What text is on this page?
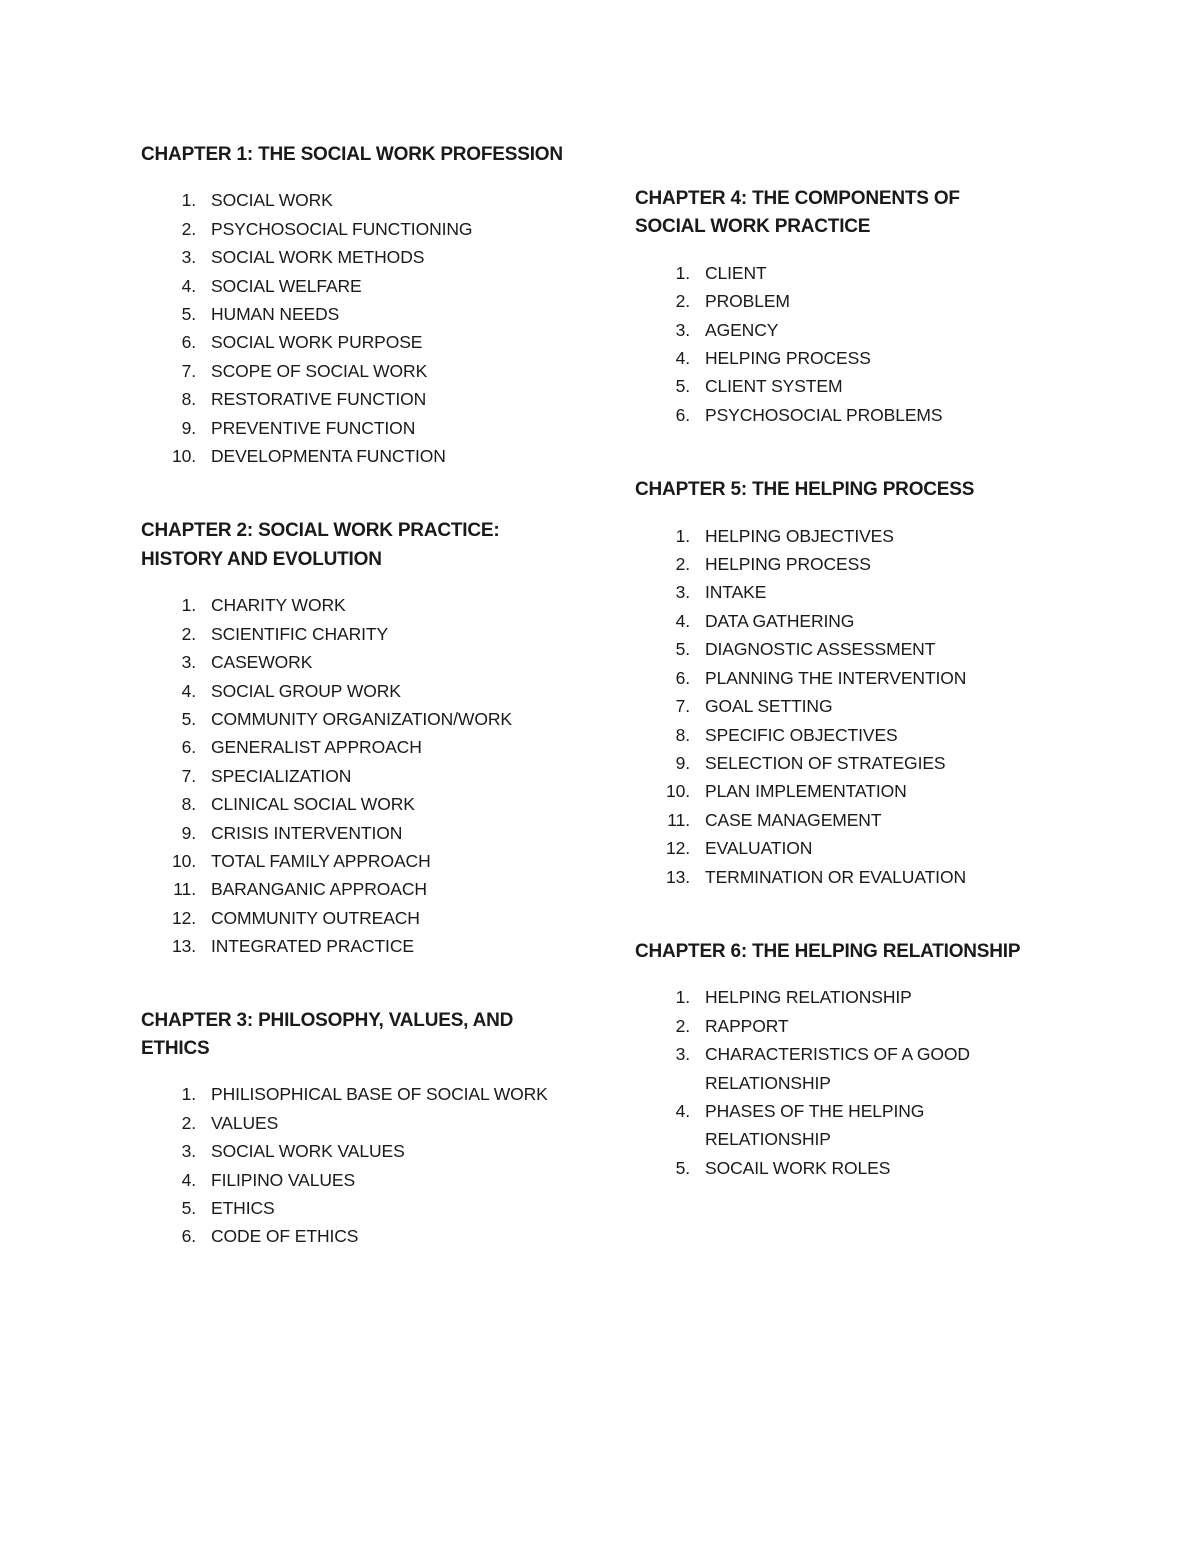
CHAPTER 1: THE SOCIAL WORK PROFESSION
1. SOCIAL WORK
2. PSYCHOSOCIAL FUNCTIONING
3. SOCIAL WORK METHODS
4. SOCIAL WELFARE
5. HUMAN NEEDS
6. SOCIAL WORK PURPOSE
7. SCOPE OF SOCIAL WORK
8. RESTORATIVE FUNCTION
9. PREVENTIVE FUNCTION
10. DEVELOPMENTA FUNCTION
CHAPTER 2: SOCIAL WORK PRACTICE: HISTORY AND EVOLUTION
1. CHARITY WORK
2. SCIENTIFIC CHARITY
3. CASEWORK
4. SOCIAL GROUP WORK
5. COMMUNITY ORGANIZATION/WORK
6. GENERALIST APPROACH
7. SPECIALIZATION
8. CLINICAL SOCIAL WORK
9. CRISIS INTERVENTION
10. TOTAL FAMILY APPROACH
11. BARANGANIC APPROACH
12. COMMUNITY OUTREACH
13. INTEGRATED PRACTICE
CHAPTER 3: PHILOSOPHY, VALUES, AND ETHICS
1. PHILISOPHICAL BASE OF SOCIAL WORK
2. VALUES
3. SOCIAL WORK VALUES
4. FILIPINO VALUES
5. ETHICS
6. CODE OF ETHICS
CHAPTER 4: THE COMPONENTS OF SOCIAL WORK PRACTICE
1. CLIENT
2. PROBLEM
3. AGENCY
4. HELPING PROCESS
5. CLIENT SYSTEM
6. PSYCHOSOCIAL PROBLEMS
CHAPTER 5: THE HELPING PROCESS
1. HELPING OBJECTIVES
2. HELPING PROCESS
3. INTAKE
4. DATA GATHERING
5. DIAGNOSTIC ASSESSMENT
6. PLANNING THE INTERVENTION
7. GOAL SETTING
8. SPECIFIC OBJECTIVES
9. SELECTION OF STRATEGIES
10. PLAN IMPLEMENTATION
11. CASE MANAGEMENT
12. EVALUATION
13. TERMINATION OR EVALUATION
CHAPTER 6: THE HELPING RELATIONSHIP
1. HELPING RELATIONSHIP
2. RAPPORT
3. CHARACTERISTICS OF A GOOD RELATIONSHIP
4. PHASES OF THE HELPING RELATIONSHIP
5. SOCAIL WORK ROLES
